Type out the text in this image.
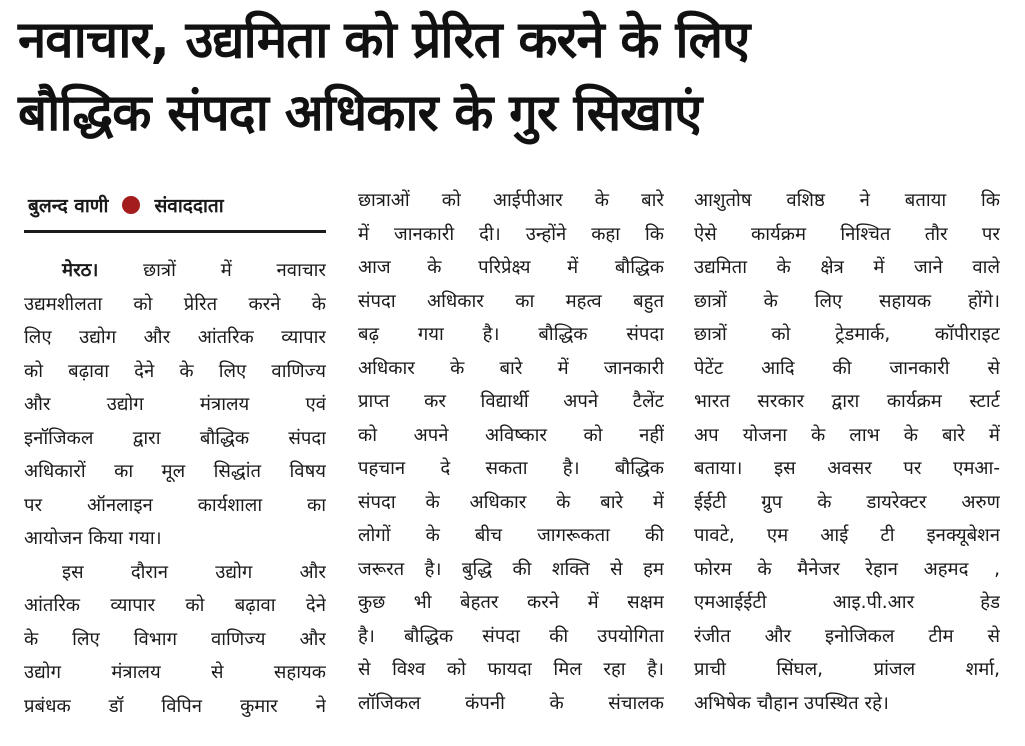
नवाचार, उद्यमिता को प्रेरित करने के लिए
बौद्धिक संपदा अधिकार के गुर सिखाएं
बुलन्द वाणी संवाददाता
मेरठ। छात्रों में नवाचार
उद्यमशीलता को प्रेरित करने के
लिए उद्योग और आंतरिक व्यापार
को बढ़ावा देने के लिए वाणिज्य
और उद्योग मंत्रालय एवं
इनॉजिकल द्वारा बौद्धिक संपदा
अधिकारों का मूल सिद्धांत विषय
पर ऑनलाइन कार्यशाला का
आयोजन किया गया।
इस दौरान उद्योग और
आंतरिक व्यापार को बढ़ावा देने
के लिए विभाग वाणिज्य और
उद्योग मंत्रालय से सहायक
प्रबंधक डॉ विपिन कुमार ने
छात्राओं को आईपीआर के बारे
में जानकारी दी। उन्होंने कहा कि
आज के परिप्रेक्ष्य में बौद्धिक
संपदा अधिकार का महत्व बहुत
बढ़ गया है। बौद्धिक संपदा
अधिकार के बारे में जानकारी
प्राप्त कर विद्यार्थी अपने टैलेंट
को अपने अविष्कार को नहीं
पहचान दे सकता है। बौद्धिक
संपदा के अधिकार के बारे में
लोगों के बीच जागरूकता की
जरूरत है। बुद्धि की शक्ति से हम
कुछ भी बेहतर करने में सक्षम
है। बौद्धिक संपदा की उपयोगिता
से विश्व को फायदा मिल रहा है।
लॉजिकल कंपनी के संचालक
आशुतोष वशिष्ठ ने बताया कि
ऐसे कार्यक्रम निश्चित तौर पर
उद्यमिता के क्षेत्र में जाने वाले
छात्रों के लिए सहायक होंगे।
छात्रों को ट्रेडमार्क, कॉपीराइट
पेटेंट आदि की जानकारी से
भारत सरकार द्वारा कार्यक्रम स्टार्ट
अप योजना के लाभ के बारे में
बताया। इस अवसर पर एमआ-
ईईटी ग्रुप के डायरेक्टर अरुण
पावटे, एम आई टी इनक्यूबेशन
फोरम के मैनेजर रेहान अहमद ,
एमआईईटी आइ.पी.आर हेड
रंजीत और इनोजिकल टीम से
प्राची सिंघल, प्रांजल शर्मा,
अभिषेक चौहान उपस्थित रहे।
